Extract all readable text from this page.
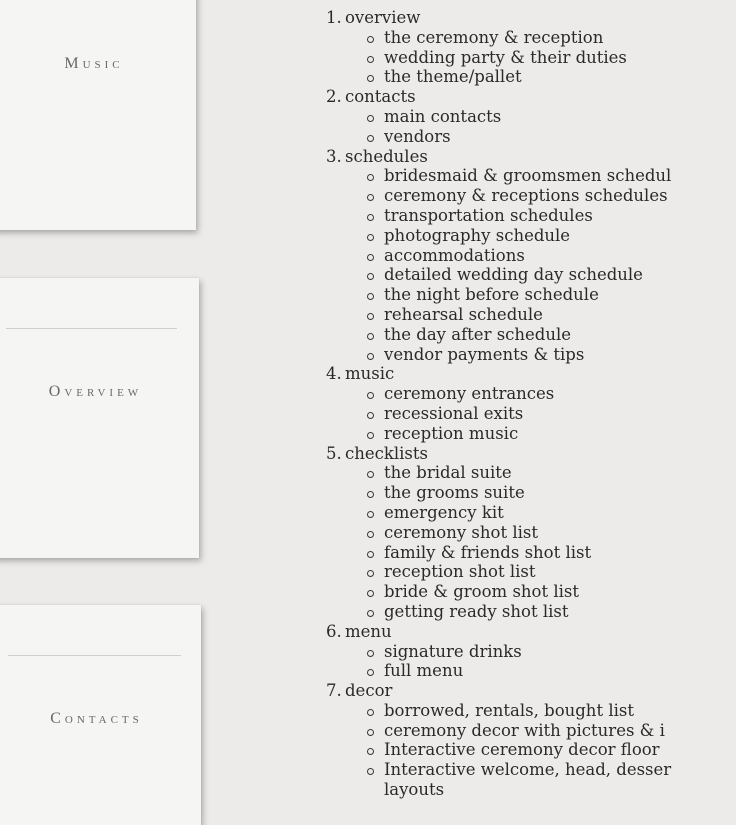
Music
Overview
Contacts
1. overview
the ceremony & reception
wedding party & their duties
the theme/pallet
2. contacts
main contacts
vendors
3. schedules
bridesmaid & groomsmen schedul
ceremony & receptions schedules
transportation schedules
photography schedule
accommodations
detailed wedding day schedule
the night before schedule
rehearsal schedule
the day after schedule
vendor payments & tips
4. music
ceremony entrances
recessional exits
reception music
5. checklists
the bridal suite
the grooms suite
emergency kit
ceremony shot list
family & friends shot list
reception shot list
bride & groom shot list
getting ready shot list
6. menu
signature drinks
full menu
7. decor
borrowed, rentals, bought list
ceremony decor with pictures & i
Interactive ceremony decor floor
Interactive welcome, head, desser
layouts
